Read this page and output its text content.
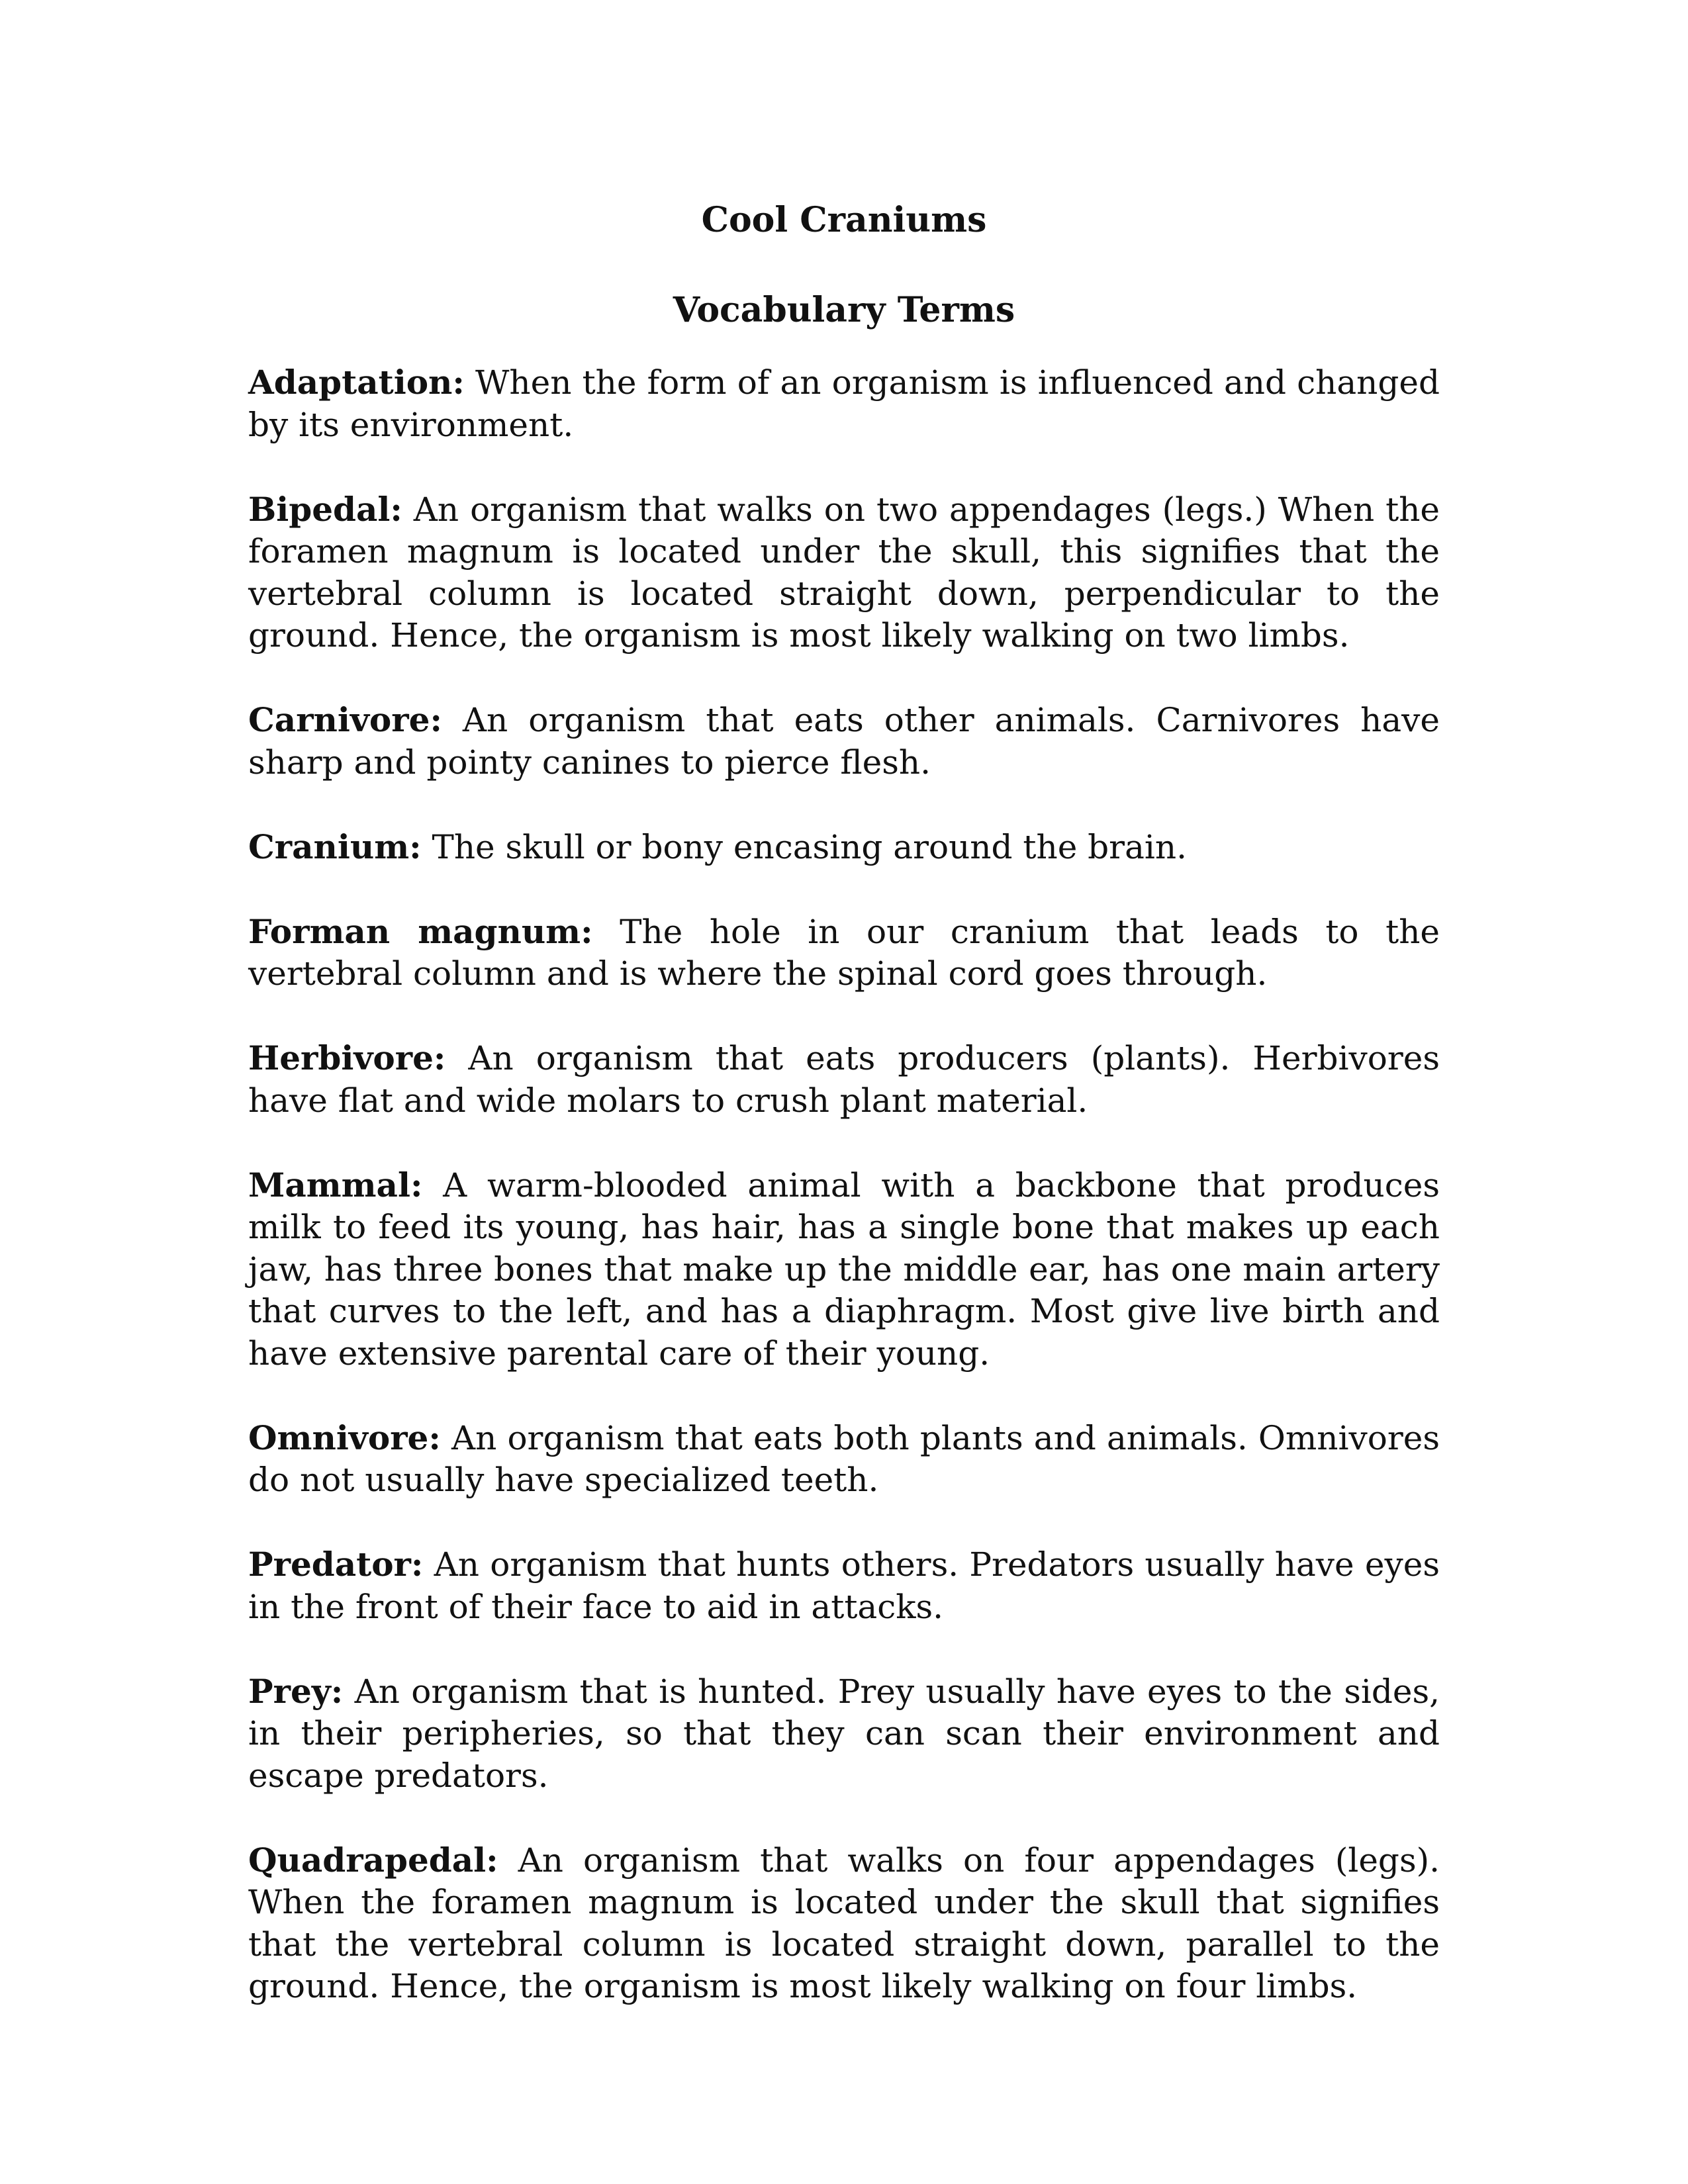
Cool Craniums
Vocabulary Terms
Adaptation: When the form of an organism is influenced and changed by its environment.
Bipedal: An organism that walks on two appendages (legs.) When the foramen magnum is located under the skull, this signifies that the vertebral column is located straight down, perpendicular to the ground. Hence, the organism is most likely walking on two limbs.
Carnivore: An organism that eats other animals. Carnivores have sharp and pointy canines to pierce flesh.
Cranium: The skull or bony encasing around the brain.
Forman magnum: The hole in our cranium that leads to the vertebral column and is where the spinal cord goes through.
Herbivore: An organism that eats producers (plants). Herbivores have flat and wide molars to crush plant material.
Mammal: A warm-blooded animal with a backbone that produces milk to feed its young, has hair, has a single bone that makes up each jaw, has three bones that make up the middle ear, has one main artery that curves to the left, and has a diaphragm. Most give live birth and have extensive parental care of their young.
Omnivore: An organism that eats both plants and animals. Omnivores do not usually have specialized teeth.
Predator: An organism that hunts others. Predators usually have eyes in the front of their face to aid in attacks.
Prey: An organism that is hunted. Prey usually have eyes to the sides, in their peripheries, so that they can scan their environment and escape predators.
Quadrapedal: An organism that walks on four appendages (legs). When the foramen magnum is located under the skull that signifies that the vertebral column is located straight down, parallel to the ground. Hence, the organism is most likely walking on four limbs.
